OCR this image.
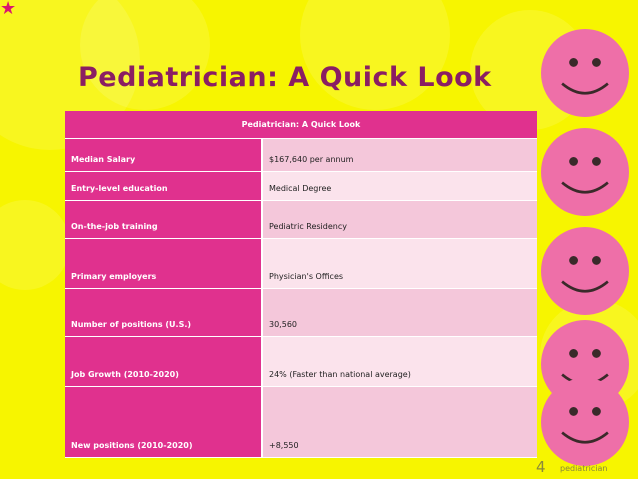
★
Pediatrician: A Quick Look
Pediatrician: A Quick Look	
Median Salary	$167,640 per annum
Entry-level education	Medical Degree
On-the-job training	Pediatric Residency
Primary employers	Physician's Offices
Number of positions (U.S.)	30,560
Job Growth (2010-2020)	24% (Faster than national average)
New positions (2010-2020)	+8,550
4 pediatrician
